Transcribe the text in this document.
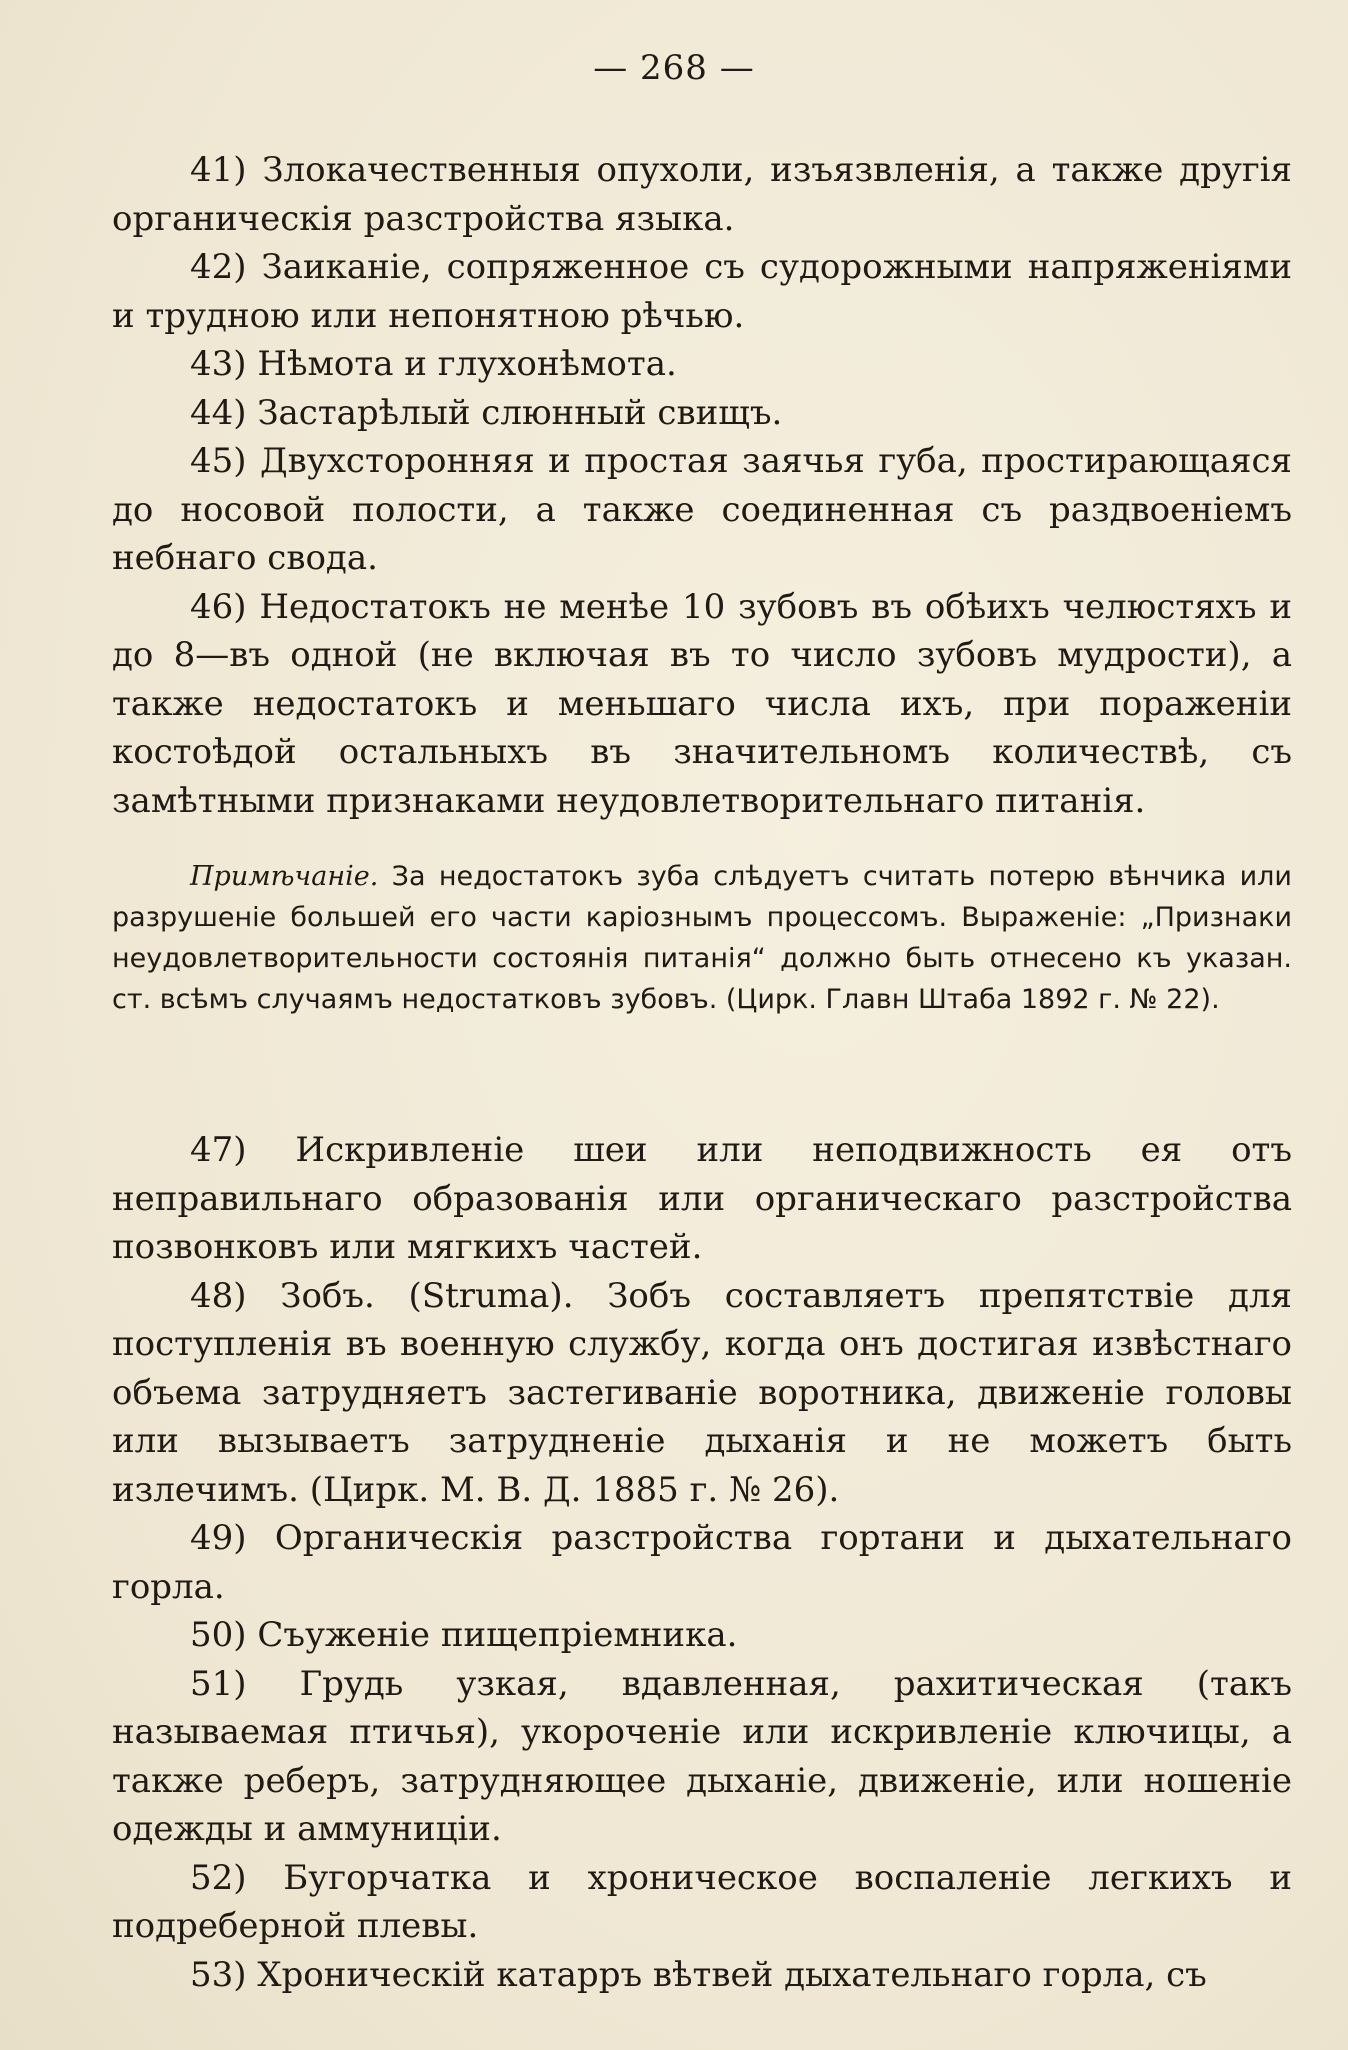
— 268 —

41) Злокачественныя опухоли, изъязвленія, а также другія органическія разстройства языка.

42) Заиканіе, сопряженное съ судорожными напряженіями и трудною или непонятною рѣчью.

43) Нѣмота и глухонѣмота.

44) Застарѣлый слюнный свищъ.

45) Двухсторонняя и простая заячья губа, простирающаяся до носовой полости, а также соединенная съ раздвоеніемъ небнаго свода.

46) Недостатокъ не менѣе 10 зубовъ въ обѣихъ челюстяхъ и до 8—въ одной (не включая въ то число зубовъ мудрости), а также недостатокъ и меньшаго числа ихъ, при пораженіи костоѣдой остальныхъ въ значительномъ количествѣ, съ замѣтными признаками неудовлетворительнаго питанія.

Примѣчаніе. За недостатокъ зуба слѣдуетъ считать потерю вѣнчика или разрушеніе большей его части каріознымъ процессомъ. Выраженіе: „Признаки неудовлетворительности состоянія питанія“ должно быть отнесено къ указан. ст. всѣмъ случаямъ недостатковъ зубовъ. (Цирк. Главн Штаба 1892 г. № 22).

47) Искривленіе шеи или неподвижность ея отъ неправильнаго образованія или органическаго разстройства позвонковъ или мягкихъ частей.

48) Зобъ. (Struma). Зобъ составляетъ препятствіе для поступленія въ военную службу, когда онъ достигая извѣстнаго объема затрудняетъ застегиваніе воротника, движеніе головы или вызываетъ затрудненіе дыханія и не можетъ быть излечимъ. (Цирк. М. В. Д. 1885 г. № 26).

49) Органическія разстройства гортани и дыхательнаго горла.

50) Съуженіе пищепріемника.

51) Грудь узкая, вдавленная, рахитическая (такъ называемая птичья), укороченіе или искривленіе ключицы, а также реберъ, затрудняющее дыханіе, движеніе, или ношеніе одежды и аммуниціи.

52) Бугорчатка и хроническое воспаленіе легкихъ и подреберной плевы.

53) Хроническій катарръ вѣтвей дыхательнаго горла, съ
